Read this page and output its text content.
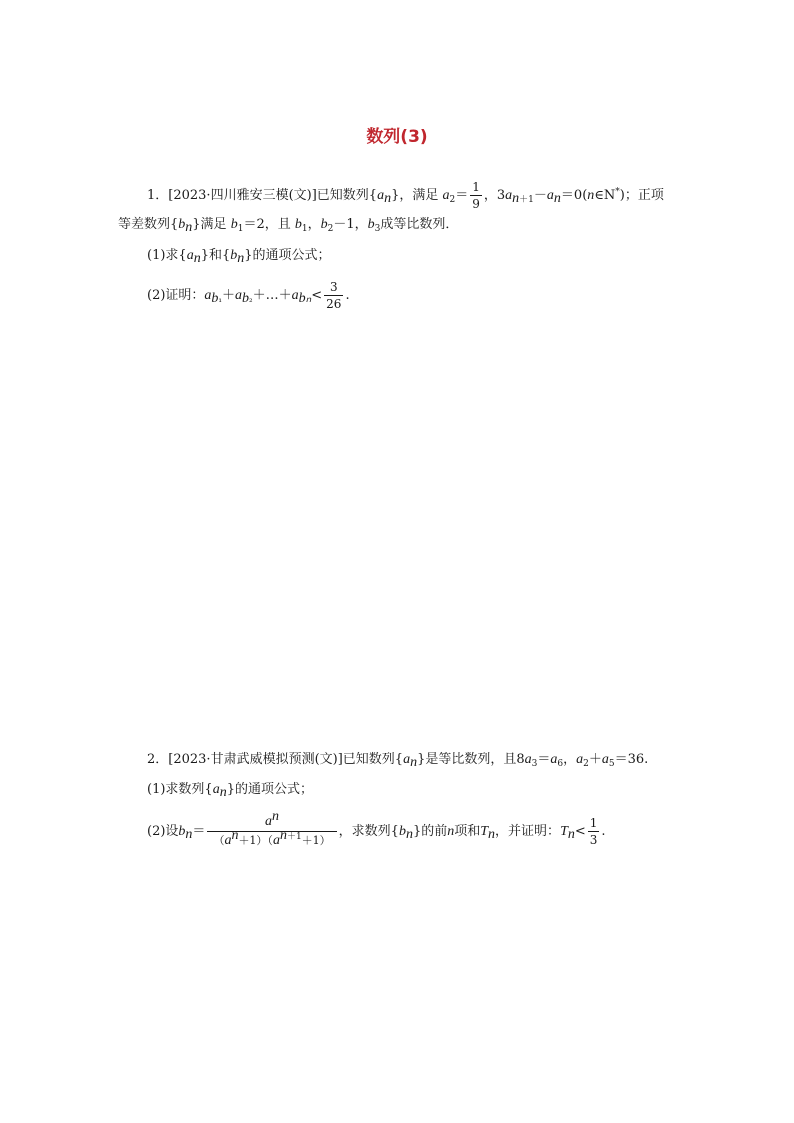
数列(3)
1．[2023·四川雅安三模(文)]已知数列$\{a_n\}$，满足 $a_2= \frac{1}{9}$ ，$3a_{n+1}-a_n=0(n\in N^*)$；正项
等差数列$\{b_n\}$满足 $b_1=2$，且 $b_1$，$b_2-1$，$b_3$成等比数列．
(1)求$\{a_n\}$和$\{b_n\}$的通项公式；
(2)证明：$a_{b_1}+a_{b_2}+\dots+a_{b_n}< \frac{3}{26}$ .
2．[2023·甘肃武威模拟预测(文)]已知数列$\{a_n\}$是等比数列，且$8a_3=a_6$，$a_2+a_5=36$.
(1)求数列$\{a_n\}$的通项公式；
(2)设$b_n= \frac{a^n}{(a^n+1)(a^{n+1}+1)}$ ，求数列$\{b_n\}$的前n项和$T_n$，并证明：$T_n< \frac{1}{3}$ .
